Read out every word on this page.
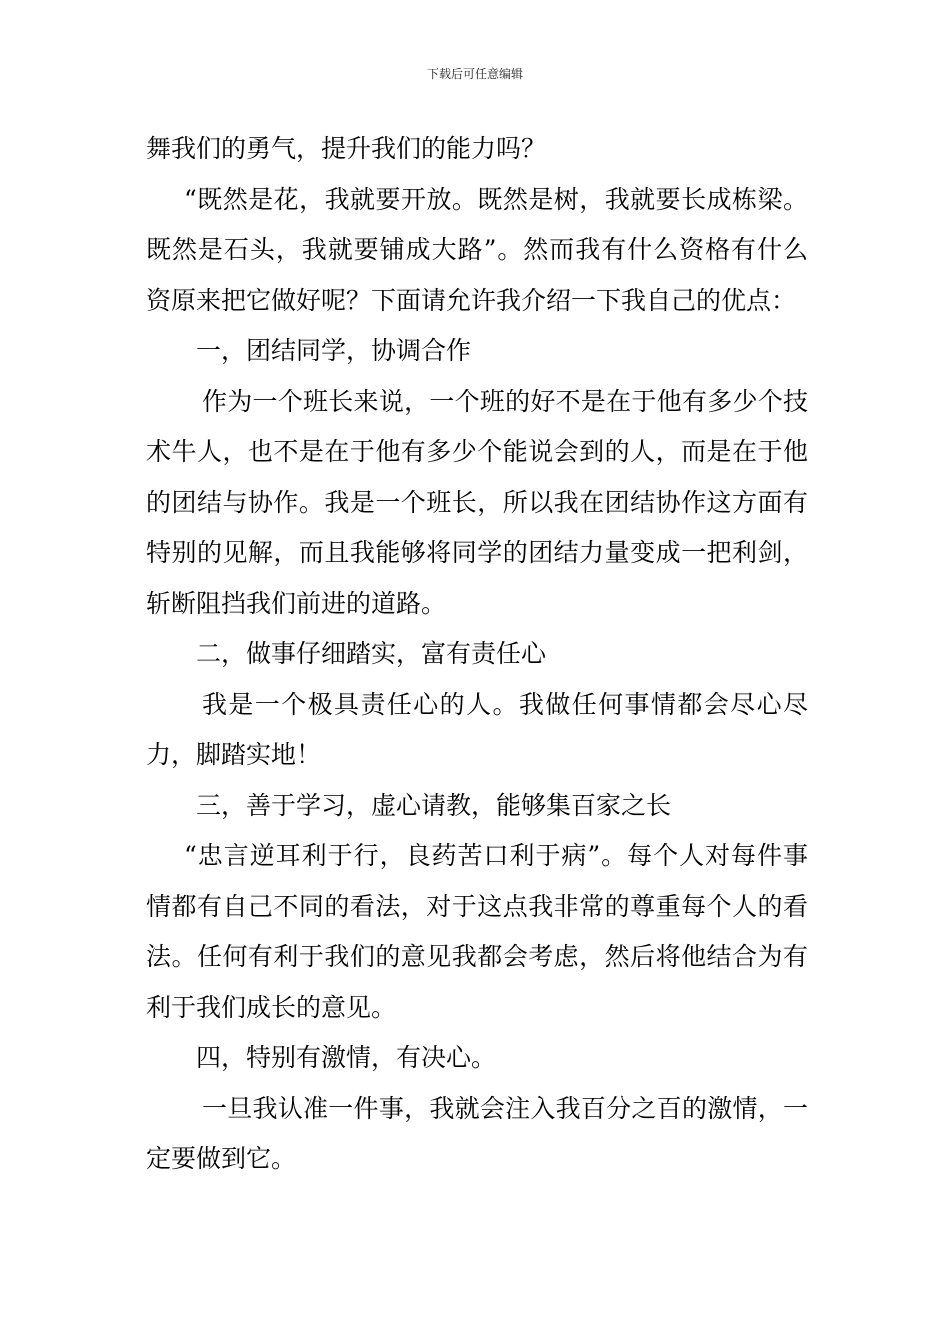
下载后可任意编辑

舞我们的勇气，提升我们的能力吗？

“既然是花，我就要开放。既然是树，我就要长成栋梁。既然是石头，我就要铺成大路”。然而我有什么资格有什么资原来把它做好呢？下面请允许我介绍一下我自己的优点：

一，团结同学，协调合作

作为一个班长来说，一个班的好不是在于他有多少个技术牛人，也不是在于他有多少个能说会到的人，而是在于他的团结与协作。我是一个班长，所以我在团结协作这方面有特别的见解，而且我能够将同学的团结力量变成一把利剑，斩断阻挡我们前进的道路。

二，做事仔细踏实，富有责任心

我是一个极具责任心的人。我做任何事情都会尽心尽力，脚踏实地！

三，善于学习，虚心请教，能够集百家之长

“忠言逆耳利于行，良药苦口利于病”。每个人对每件事情都有自己不同的看法，对于这点我非常的尊重每个人的看法。任何有利于我们的意见我都会考虑，然后将他结合为有利于我们成长的意见。

四，特别有激情，有决心。

一旦我认准一件事，我就会注入我百分之百的激情，一定要做到它。
